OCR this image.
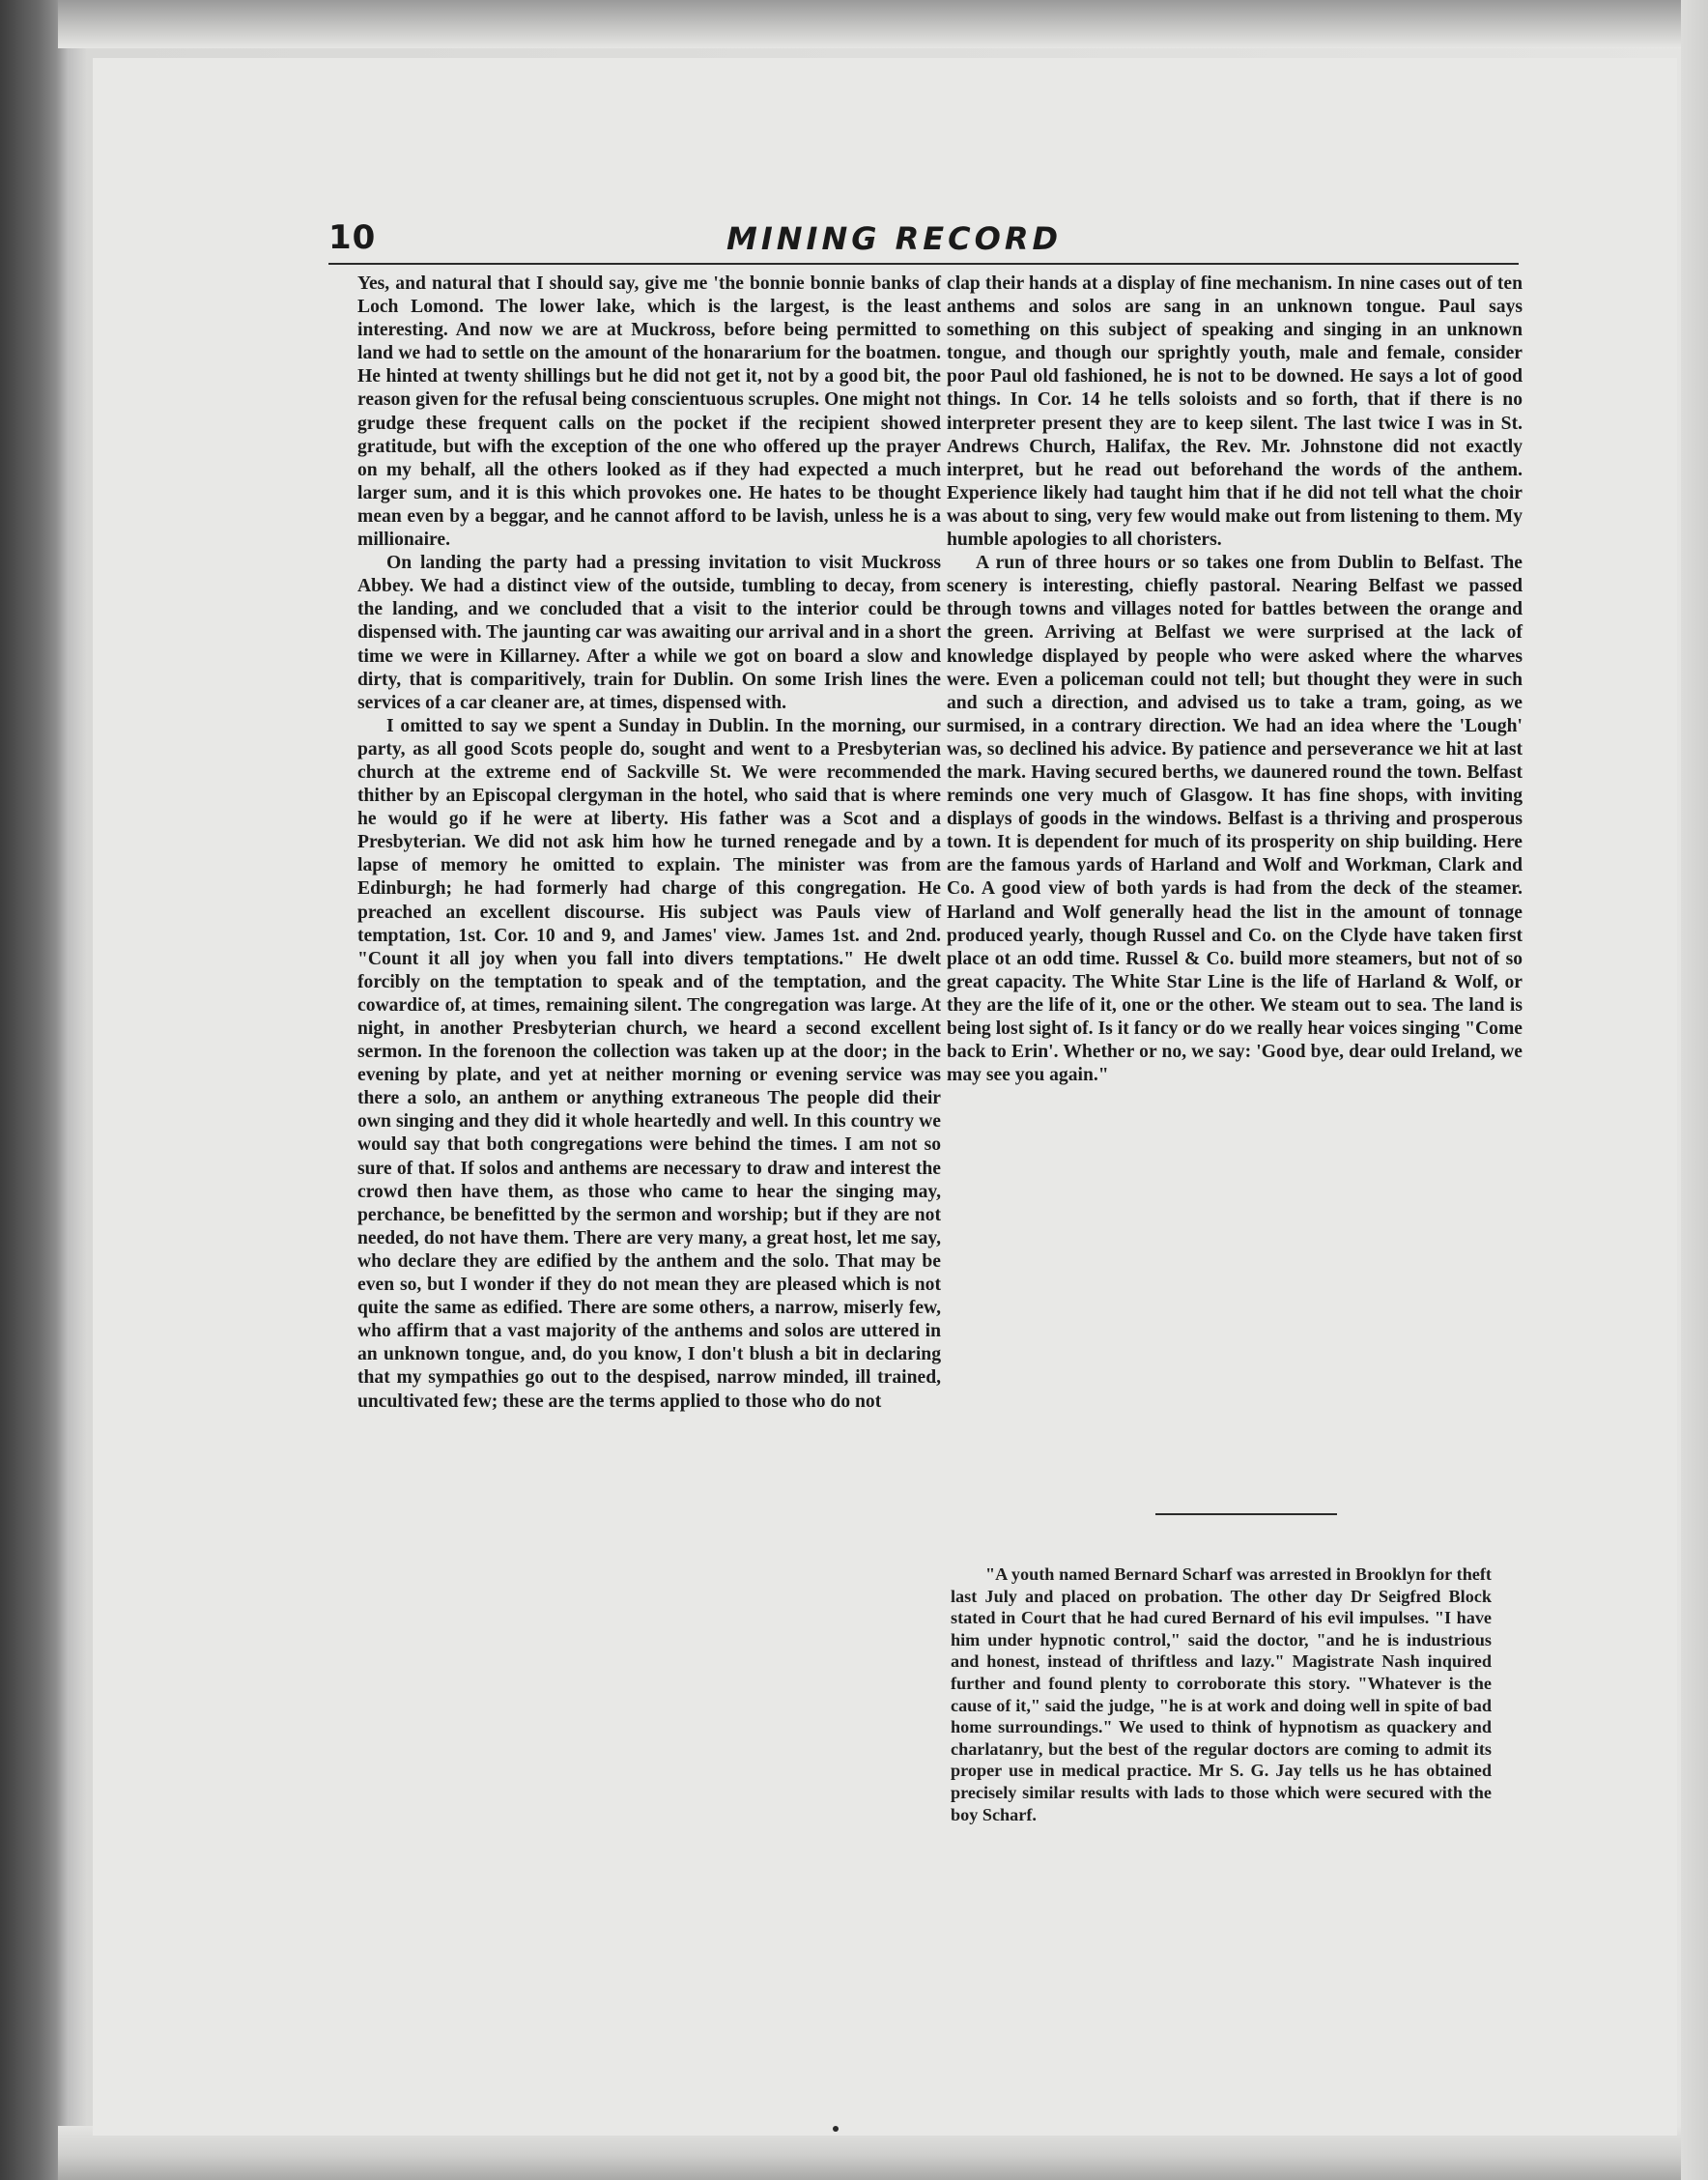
10	MINING RECORD

Yes, and natural that I should say, give me 'the bonnie bonnie banks of Loch Lomond. The lower lake, which is the largest, is the least interesting. And now we are at Muckross, before being permitted to land we had to settle on the amount of the honararium for the boatmen. He hinted at twenty shillings but he did not get it, not by a good bit, the reason given for the refusal being conscientuous scruples. One might not grudge these frequent calls on the pocket if the recipient showed gratitude, but wifh the exception of the one who offered up the prayer on my behalf, all the others looked as if they had expected a much larger sum, and it is this which provokes one. He hates to be thought mean even by a beggar, and he cannot afford to be lavish, unless he is a millionaire.

On landing the party had a pressing invitation to visit Muckross Abbey. We had a distinct view of the outside, tumbling to decay, from the landing, and we concluded that a visit to the interior could be dispensed with. The jaunting car was awaiting our arrival and in a short time we were in Killarney. After a while we got on board a slow and dirty, that is comparitively, train for Dublin. On some Irish lines the services of a car cleaner are, at times, dispensed with.

I omitted to say we spent a Sunday in Dublin. In the morning, our party, as all good Scots people do, sought and went to a Presbyterian church at the extreme end of Sackville St. We were recommended thither by an Episcopal clergyman in the hotel, who said that is where he would go if he were at liberty. His father was a Scot and a Presbyterian. We did not ask him how he turned renegade and by a lapse of memory he omitted to explain. The minister was from Edinburgh; he had formerly had charge of this congregation. He preached an excellent discourse. His subject was Pauls view of temptation, 1st. Cor. 10 and 9, and James' view. James 1st. and 2nd. "Count it all joy when you fall into divers temptations." He dwelt forcibly on the temptation to speak and of the temptation, and the cowardice of, at times, remaining silent. The congregation was large. At night, in another Presbyterian church, we heard a second excellent sermon. In the forenoon the collection was taken up at the door; in the evening by plate, and yet at neither morning or evening service was there a solo, an anthem or anything extraneous The people did their own singing and they did it whole heartedly and well. In this country we would say that both congregations were behind the times. I am not so sure of that. If solos and anthems are necessary to draw and interest the crowd then have them, as those who came to hear the singing may, perchance, be benefitted by the sermon and worship; but if they are not needed, do not have them. There are very many, a great host, let me say, who declare they are edified by the anthem and the solo. That may be even so, but I wonder if they do not mean they are pleased which is not quite the same as edified. There are some others, a narrow, miserly few, who affirm that a vast majority of the anthems and solos are uttered in an unknown tongue, and, do you know, I don't blush a bit in declaring that my sympathies go out to the despised, narrow minded, ill trained, uncultivated few; these are the terms applied to those who do not

clap their hands at a display of fine mechanism. In nine cases out of ten anthems and solos are sang in an unknown tongue. Paul says something on this subject of speaking and singing in an unknown tongue, and though our sprightly youth, male and female, consider poor Paul old fashioned, he is not to be downed. He says a lot of good things. In Cor. 14 he tells soloists and so forth, that if there is no interpreter present they are to keep silent. The last twice I was in St. Andrews Church, Halifax, the Rev. Mr. Johnstone did not exactly interpret, but he read out beforehand the words of the anthem. Experience likely had taught him that if he did not tell what the choir was about to sing, very few would make out from listening to them. My humble apologies to all choristers.

A run of three hours or so takes one from Dublin to Belfast. The scenery is interesting, chiefly pastoral. Nearing Belfast we passed through towns and villages noted for battles between the orange and the green. Arriving at Belfast we were surprised at the lack of knowledge displayed by people who were asked where the wharves were. Even a policeman could not tell; but thought they were in such and such a direction, and advised us to take a tram, going, as we surmised, in a contrary direction. We had an idea where the 'Lough' was, so declined his advice. By patience and perseverance we hit at last the mark. Having secured berths, we daunered round the town. Belfast reminds one very much of Glasgow. It has fine shops, with inviting displays of goods in the windows. Belfast is a thriving and prosperous town. It is dependent for much of its prosperity on ship building. Here are the famous yards of Harland and Wolf and Workman, Clark and Co. A good view of both yards is had from the deck of the steamer. Harland and Wolf generally head the list in the amount of tonnage produced yearly, though Russel and Co. on the Clyde have taken first place ot an odd time. Russel & Co. build more steamers, but not of so great capacity. The White Star Line is the life of Harland & Wolf, or they are the life of it, one or the other. We steam out to sea. The land is being lost sight of. Is it fancy or do we really hear voices singing "Come back to Erin'. Whether or no, we say: 'Good bye, dear ould Ireland, we may see you again."

"A youth named Bernard Scharf was arrested in Brooklyn for theft last July and placed on probation. The other day Dr Seigfred Block stated in Court that he had cured Bernard of his evil impulses. "I have him under hypnotic control," said the doctor, "and he is industrious and honest, instead of thriftless and lazy." Magistrate Nash inquired further and found plenty to corroborate this story. "Whatever is the cause of it," said the judge, "he is at work and doing well in spite of bad home surroundings." We used to think of hypnotism as quackery and charlatanry, but the best of the regular doctors are coming to admit its proper use in medical practice. Mr S. G. Jay tells us he has obtained precisely similar results with lads to those which were secured with the boy Scharf.
